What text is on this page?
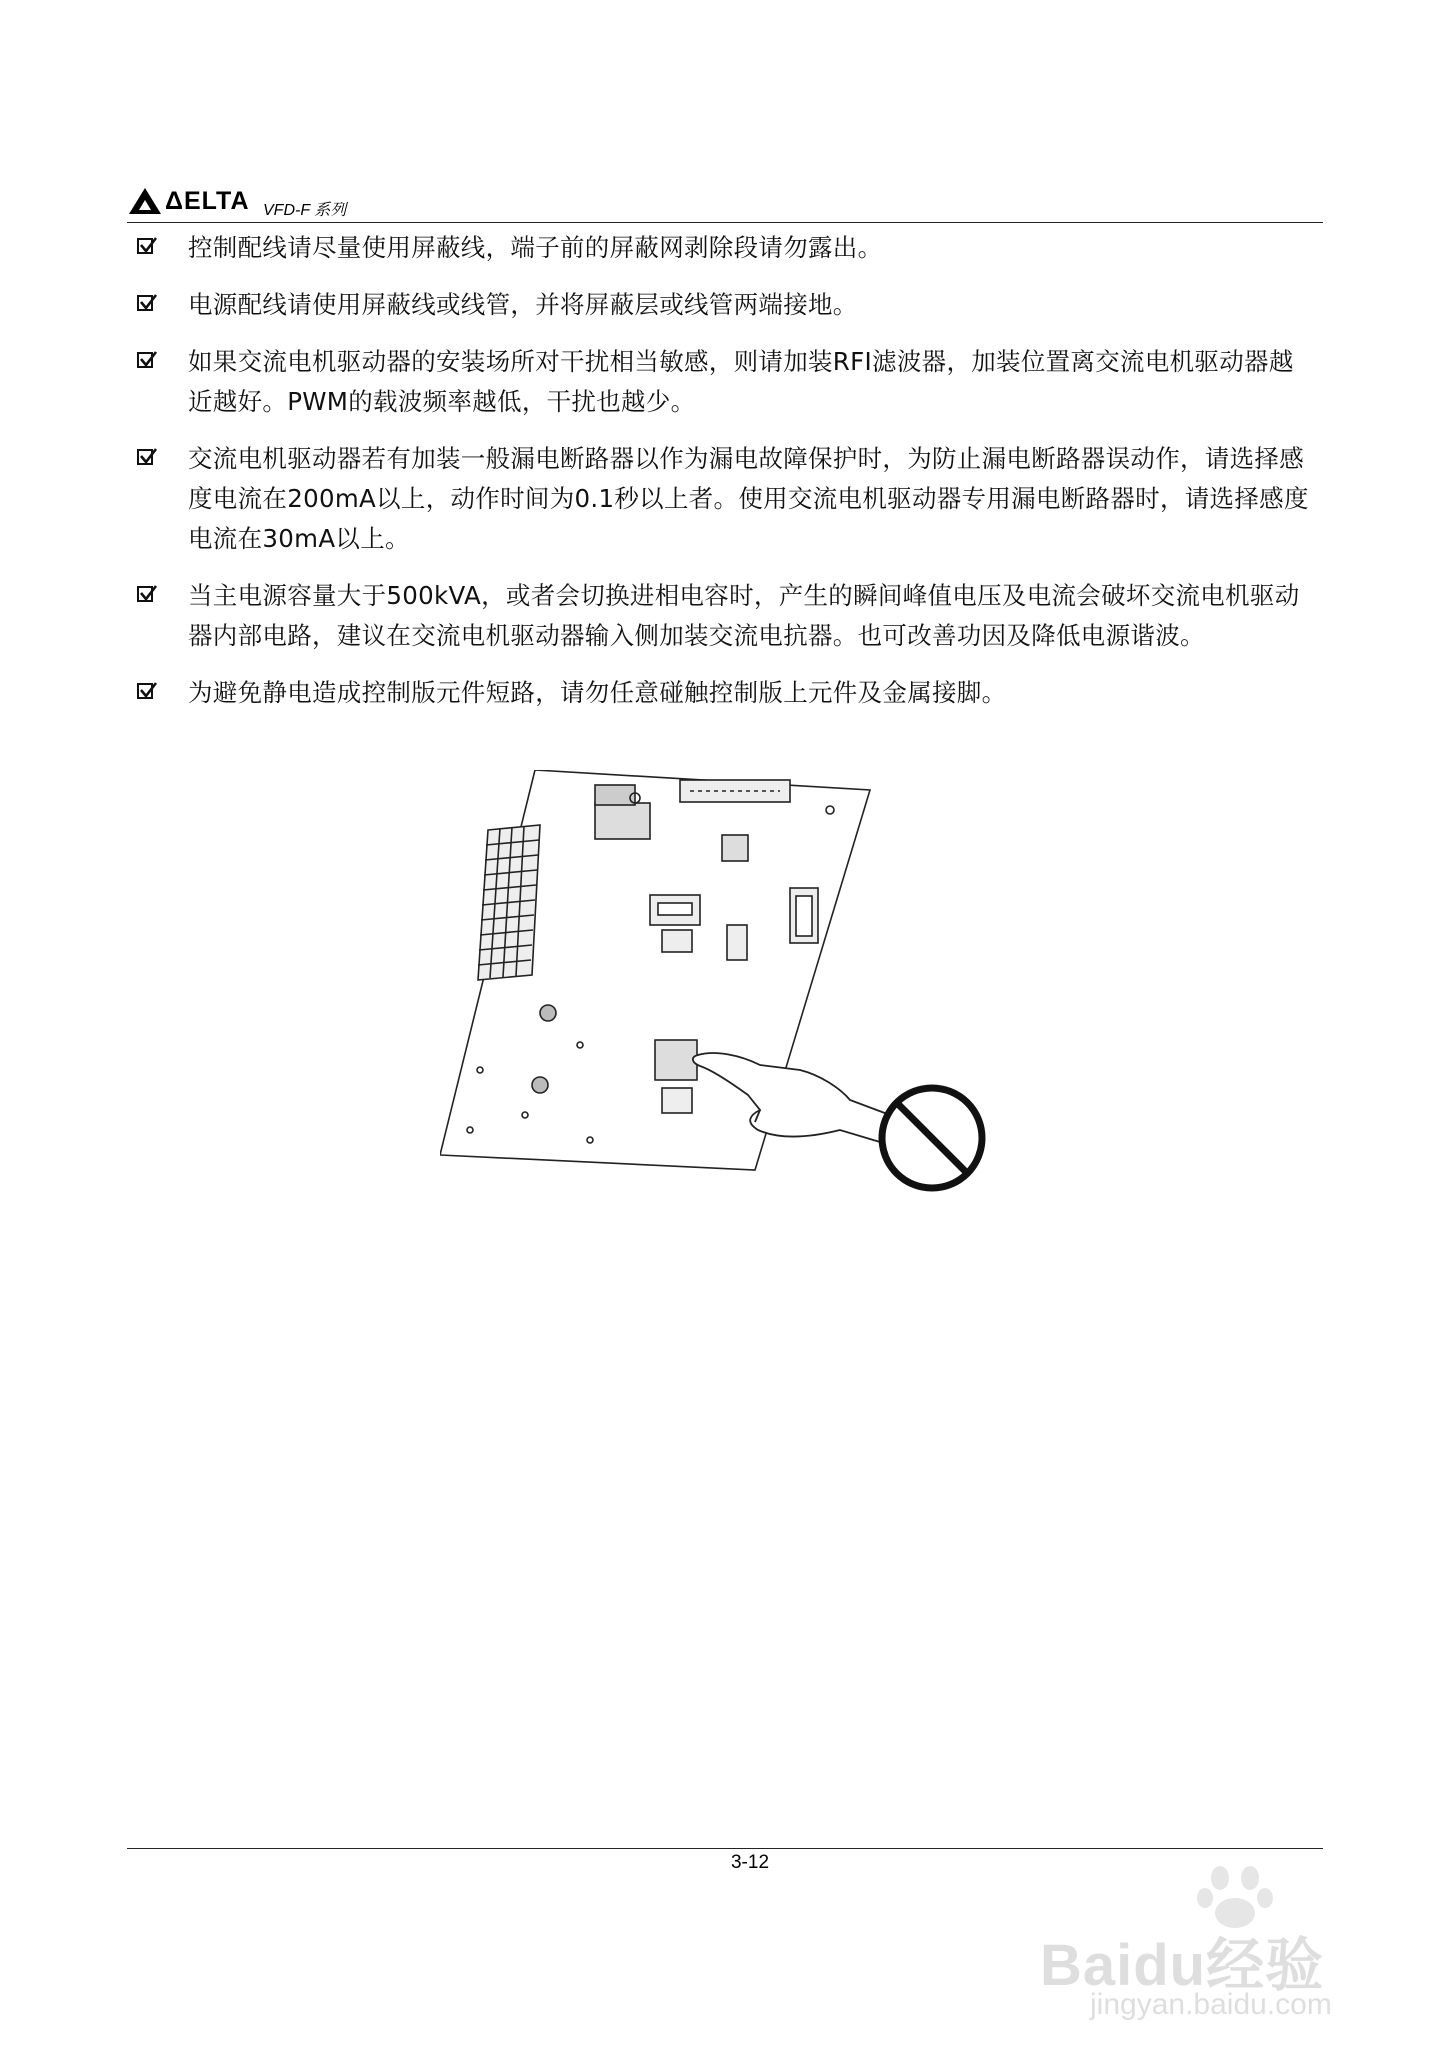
ΔELTA VFD-F 系列
控制配线请尽量使用屏蔽线，端子前的屏蔽网剥除段请勿露出。
电源配线请使用屏蔽线或线管，并将屏蔽层或线管两端接地。
如果交流电机驱动器的安装场所对干扰相当敏感，则请加装RFI滤波器，加装位置离交流电机驱动器越近越好。PWM的载波频率越低，干扰也越少。
交流电机驱动器若有加装一般漏电断路器以作为漏电故障保护时，为防止漏电断路器误动作，请选择感度电流在200mA以上，动作时间为0.1秒以上者。使用交流电机驱动器专用漏电断路器时，请选择感度电流在30mA以上。
当主电源容量大于500kVA，或者会切换进相电容时，产生的瞬间峰值电压及电流会破坏交流电机驱动器内部电路，建议在交流电机驱动器输入侧加装交流电抗器。也可改善功因及降低电源谐波。
为避免静电造成控制版元件短路，请勿任意碰触控制版上元件及金属接脚。
3-12
Baidu经验
jingyan.baidu.com
